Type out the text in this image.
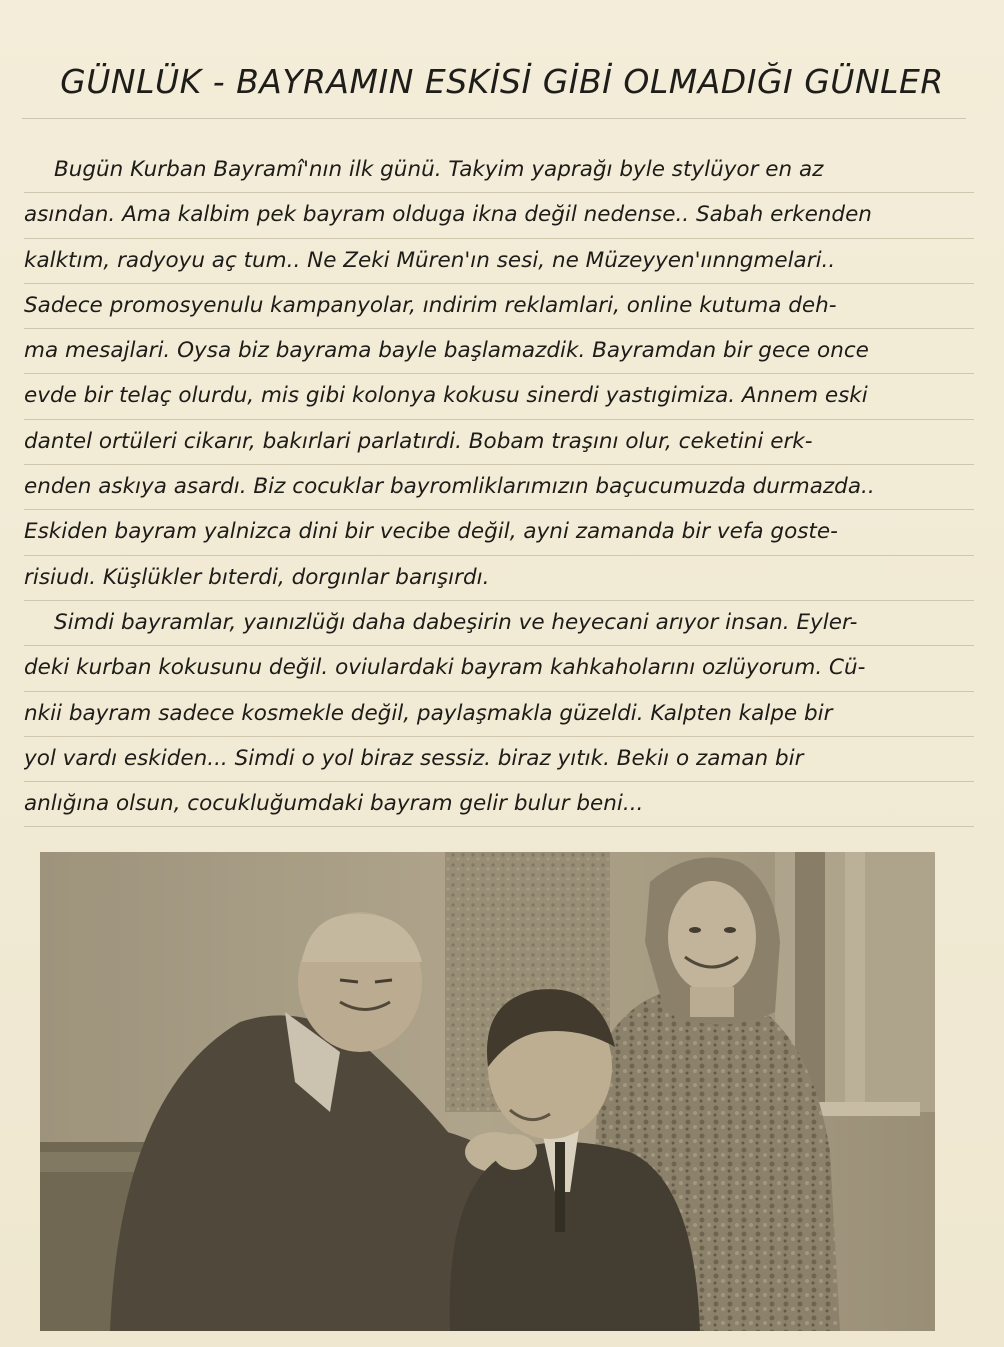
GÜNLÜK - BAYRAMIN ESKİSİ GİBİ OLMADIĞI GÜNLER
Bugün Kurban Bayramî'nın ilk günü. Takyim yaprağı byle stylüyor en az
asından. Ama kalbim pek bayram olduga ikna değil nedense.. Sabah erkenden
kalktım, radyoyu aç tum.. Ne Zeki Müren'ın sesi, ne Müzeyyen'ıınngmelari..
Sadece promosyenulu kampanyolar, ındirim reklamlari, online kutuma deh-
ma mesajlari. Oysa biz bayrama bayle başlamazdik. Bayramdan bir gece once
evde bir telaç olurdu, mis gibi kolonya kokusu sinerdi yastıgimiza. Annem eski
dantel ortüleri cikarır, bakırlari parlatırdi. Bobam traşını olur, ceketini erk-
enden askıya asardı. Biz cocuklar bayromliklarımızın baçucumuzda durmazda..
Eskiden bayram yalnizca dini bir vecibe değil, ayni zamanda bir vefa goste-
risiudı. Küşlükler bıterdi, dorgınlar barışırdı.
Simdi bayramlar, yaınızlüğı daha dabeşirin ve heyecani arıyor insan. Eyler-
deki kurban kokusunu değil. oviulardaki bayram kahkaholarını ozlüyorum. Cü-
nkii bayram sadece kosmekle değil, paylaşmakla güzeldi. Kalpten kalpe bir
yol vardı eskiden... Simdi o yol biraz sessiz. biraz yıtık. Bekiı o zaman bir
anlığına olsun, cocukluğumdaki bayram gelir bulur beni...
